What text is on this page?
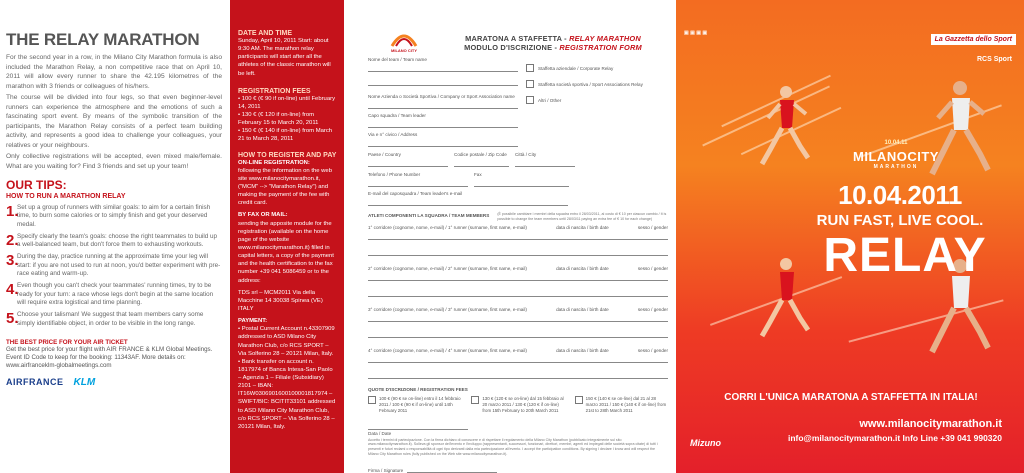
THE RELAY MARATHON

For the second year in a row, in the Milano City Marathon formula is also included the Marathon Relay, a non competitive race that on April 10, 2011 will allow every runner to share the 42.195 kilometres of the marathon with 3 friends or colleagues of his/hers.

The course will be divided into four legs, so that even beginner-level runners can experience the atmosphere and the emotions of such a fascinating sport event. By means of the symbolic transition of the participants, the Marathon Relay consists of a perfect team building activity, and represents a good idea to challenge your colleagues, your relatives or your neighbours.

Only collective registrations will be accepted, even mixed male/female. What are you waiting for? Find 3 friends and set up your team!

OUR TIPS:
HOW TO RUN A MARATHON RELAY
1.
Set up a group of runners with similar goals: to aim for a certain finish time, to burn some calories or to simply finish and get your deserved medal.
2.
Specify clearly the team's goals: choose the right teammates to build up a well-balanced team, but don't force them to exhausting workouts.
3.
During the day, practice running at the approximate time your leg will start: if you are not used to run at noon, you'd better experiment with pre-race eating and warm-up.
4.
Even though you can't check your teammates' running times, try to be ready for your turn: a race whose legs don't begin at the same location will require extra logistical and time planning.
5.
Choose your talisman! We suggest that team members carry some simply identifiable object, in order to be visible in the long range.
THE BEST PRICE FOR YOUR AIR TICKET
Get the best price for your flight with AIR FRANCE & KLM Global Meetings. Event ID Code to keep for the booking: 11343AF. More details on: www.airfranceklm-globalmeetings.com
AIRFRANCE KLM
DATE AND TIME
Sunday, April 10, 2011 Start: about 9:30 AM. The marathon relay participants will start after all the athletes of the classic marathon will be left.
REGISTRATION FEES
• 100 € (€ 90 if on-line) until February 14, 2011
• 130 € (€ 120 if on-line) from February 15 to March 20, 2011
• 150 € (€ 140 if on-line) from March 21 to March 28, 2011
HOW TO REGISTER AND PAY
ON-LINE REGISTRATION:
following the information on the web site www.milanocitymarathon.it, ("MCM" --> "Marathon Relay") and making the payment of the fee with credit card.
BY FAX OR MAIL:
sending the apposite module for the registration (available on the home page of the website www.milanocitymarathon.it) filled in capital letters, a copy of the payment and the health certification to the fax number +39 041 5086459 or to the address:
TDS srl – MCM2011 Via della Macchine 14 30038 Spinea (VE) ITALY
PAYMENT:
• Postal Current Account n.43307909 addressed to ASD Milano City Marathon Club, c/o RCS SPORT – Via Solferino 28 – 20121 Milan, Italy.
• Bank transfer on account n. 1817974 of Banca Intesa-San Paolo – Agenzia 1 – Filiale (Subsidiary) 2101 – IBAN: IT16W0306901600100001817974 – SWIFT/BIC: BCITIT33101 addressed to ASD Milano City Marathon Club, c/o RCS SPORT – Via Solferino 28 – 20121 Milan, Italy.
MILANO CITY
MARATONA A STAFFETTA - RELAY MARATHON
MODULO D'ISCRIZIONE - REGISTRATION FORM
Nome del team / Team name
Nome Azienda o Società Sportiva / Company or Sport Association name
Capo squadra / Team leader
Via e n° civico / Address
Staffetta aziendale / Corporate Relay
Staffetta società sportiva / Sport Associations Relay
Altri / Other
Paese / Country	Codice postale / Zip Code	Città / City
Telefono / Phone Number	Fax
E-mail del caposquadra / Team leader's e-mail
ATLETI COMPONENTI LA SQUADRA / TEAM MEMBERS (È possibile cambiare i membri della squadra entro il 28/03/2011, al costo di € 10 per ciascun cambio / It is possible to change the team members until 28/03/11 paying an extra fee of € 10 for each change)
1° corridore (cognome, nome, e-mail) / 1° runner (surname, first name, e-mail)	data di nascita / birth date	sesso / gender
2° corridore (cognome, nome, e-mail) / 2° runner (surname, first name, e-mail)	data di nascita / birth date	sesso / gender
3° corridore (cognome, nome, e-mail) / 3° runner (surname, first name, e-mail)	data di nascita / birth date	sesso / gender
4° corridore (cognome, nome, e-mail) / 4° runner (surname, first name, e-mail)	data di nascita / birth date	sesso / gender
QUOTE D'ISCRIZIONE / REGISTRATION FEES
100 € (90 € se on-line) entro il 14 febbraio 2011 / 100 € (90 € if on-line) until 14th February 2011
130 € (120 € se on-line) dal 15 febbraio al 20 marzo 2011 / 130 € (120 € if on-line) from 15th February to 20th March 2011
150 € (140 € se on-line) dal 21 al 28 marzo 2011 / 150 € (140 € if on-line) from 21st to 28th March 2011
Data / Date
Accetto i termini di partecipazione. Con la firma dichiaro di conoscere e di rispettare il regolamento della Milano City Marathon (pubblicato integralmente sul sito www.milanocitymarathon.it). Solleva gli sponsor dell'evento e l'inviluppo (rappresentanti, successori, funzionari, direttori, membri, agenti ed impiegati delle società sopra citate) di tutti i presenti e futuri reclami o responsabilità di ogni tipo derivanti dalla mia partecipazione all'evento. I accept the participation conditions. By signing I declare I know and will respect the Milano City Marathon rules (fully published on the Web site www.milanocitymarathon.it).
Firma / Signature
▣ ▣ ▣ ▣
La Gazzetta dello Sport
RCS Sport
10.04.11
MILANOCITY
MARATHON
10.04.2011
RUN FAST, LIVE COOL.
RELAY
CORRI L'UNICA MARATONA A STAFFETTA IN ITALIA!
www.milanocitymarathon.it
info@milanocitymarathon.it Info Line +39 041 990320
Mizuno
